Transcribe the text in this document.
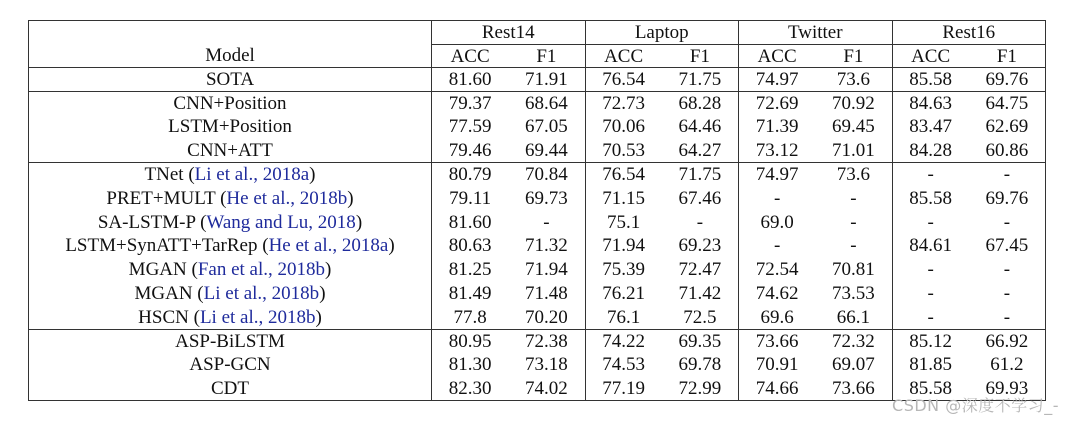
	Rest14		Laptop		Twitter		Rest16	
Model	ACC	F1	ACC	F1	ACC	F1	ACC	F1
SOTA	81.60	71.91	76.54	71.75	74.97	73.6	85.58	69.76
CNN+Position	79.37	68.64	72.73	68.28	72.69	70.92	84.63	64.75
LSTM+Position	77.59	67.05	70.06	64.46	71.39	69.45	83.47	62.69
CNN+ATT	79.46	69.44	70.53	64.27	73.12	71.01	84.28	60.86
TNet (Li et al., 2018a)	80.79	70.84	76.54	71.75	74.97	73.6	-	-
PRET+MULT (He et al., 2018b)	79.11	69.73	71.15	67.46	-	-	85.58	69.76
SA-LSTM-P (Wang and Lu, 2018)	81.60	-	75.1	-	69.0	-	-	-
LSTM+SynATT+TarRep (He et al., 2018a)	80.63	71.32	71.94	69.23	-	-	84.61	67.45
MGAN (Fan et al., 2018b)	81.25	71.94	75.39	72.47	72.54	70.81	-	-
MGAN (Li et al., 2018b)	81.49	71.48	76.21	71.42	74.62	73.53	-	-
HSCN (Li et al., 2018b)	77.8	70.20	76.1	72.5	69.6	66.1	-	-
ASP-BiLSTM	80.95	72.38	74.22	69.35	73.66	72.32	85.12	66.92
ASP-GCN	81.30	73.18	74.53	69.78	70.91	69.07	81.85	61.2
CDT	82.30	74.02	77.19	72.99	74.66	73.66	85.58	69.93
CSDN @深度不学习_-
